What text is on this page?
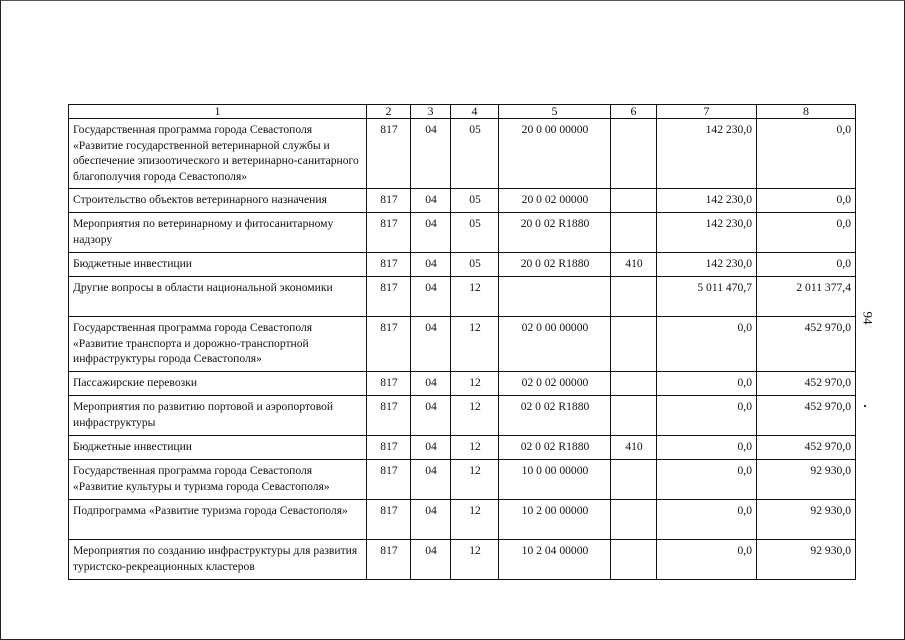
1	2	3	4	5	6	7	8
Государственная программа города Севастополя «Развитие государственной ветеринарной службы и обеспечение эпизоотического и ветеринарно-санитарного благополучия города Севастополя»	817	04	05	20 0 00 00000		142 230,0	0,0
Строительство объектов ветеринарного назначения	817	04	05	20 0 02 00000		142 230,0	0,0
Мероприятия по ветеринарному и фитосанитарному надзору	817	04	05	20 0 02 R1880		142 230,0	0,0
Бюджетные инвестиции	817	04	05	20 0 02 R1880	410	142 230,0	0,0
Другие вопросы в области национальной экономики	817	04	12			5 011 470,7	2 011 377,4
Государственная программа города Севастополя «Развитие транспорта и дорожно-транспортной инфраструктуры города Севастополя»	817	04	12	02 0 00 00000		0,0	452 970,0
Пассажирские перевозки	817	04	12	02 0 02 00000		0,0	452 970,0
Мероприятия по развитию портовой и аэропортовой инфраструктуры	817	04	12	02 0 02 R1880		0,0	452 970,0
Бюджетные инвестиции	817	04	12	02 0 02 R1880	410	0,0	452 970,0
Государственная программа города Севастополя «Развитие культуры и туризма города Севастополя»	817	04	12	10 0 00 00000		0,0	92 930,0
Подпрограмма «Развитие туризма города Севастополя»	817	04	12	10 2 00 00000		0,0	92 930,0
Мероприятия по созданию инфраструктуры для развития туристско-рекреационных кластеров	817	04	12	10 2 04 00000		0,0	92 930,0
94
